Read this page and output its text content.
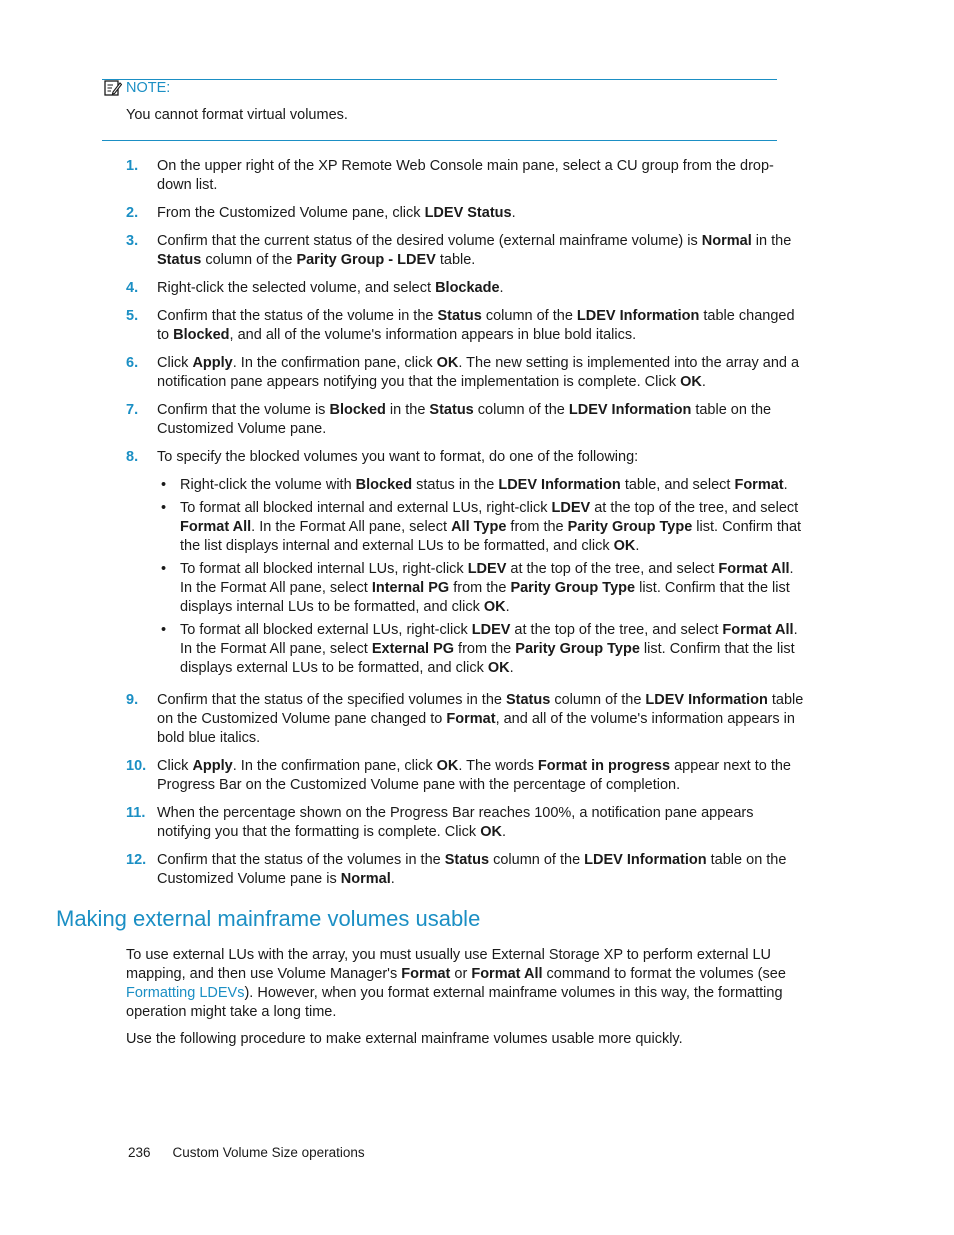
NOTE:
You cannot format virtual volumes.
1.	On the upper right of the XP Remote Web Console main pane, select a CU group from the drop-down list.
2.	From the Customized Volume pane, click LDEV Status.
3.	Confirm that the current status of the desired volume (external mainframe volume) is Normal in the Status column of the Parity Group - LDEV table.
4.	Right-click the selected volume, and select Blockade.
5.	Confirm that the status of the volume in the Status column of the LDEV Information table changed to Blocked, and all of the volume's information appears in blue bold italics.
6.	Click Apply. In the confirmation pane, click OK. The new setting is implemented into the array and a notification pane appears notifying you that the implementation is complete. Click OK.
7.	Confirm that the volume is Blocked in the Status column of the LDEV Information table on the Customized Volume pane.
8.	To specify the blocked volumes you want to format, do one of the following:
• Right-click the volume with Blocked status in the LDEV Information table, and select Format.
• To format all blocked internal and external LUs, right-click LDEV at the top of the tree, and select Format All. In the Format All pane, select All Type from the Parity Group Type list. Confirm that the list displays internal and external LUs to be formatted, and click OK.
• To format all blocked internal LUs, right-click LDEV at the top of the tree, and select Format All. In the Format All pane, select Internal PG from the Parity Group Type list. Confirm that the list displays internal LUs to be formatted, and click OK.
• To format all blocked external LUs, right-click LDEV at the top of the tree, and select Format All. In the Format All pane, select External PG from the Parity Group Type list. Confirm that the list displays external LUs to be formatted, and click OK.
9.	Confirm that the status of the specified volumes in the Status column of the LDEV Information table on the Customized Volume pane changed to Format, and all of the volume's information appears in bold blue italics.
10. Click Apply. In the confirmation pane, click OK. The words Format in progress appear next to the Progress Bar on the Customized Volume pane with the percentage of completion.
11. When the percentage shown on the Progress Bar reaches 100%, a notification pane appears notifying you that the formatting is complete. Click OK.
12. Confirm that the status of the volumes in the Status column of the LDEV Information table on the Customized Volume pane is Normal.
Making external mainframe volumes usable

To use external LUs with the array, you must usually use External Storage XP to perform external LU mapping, and then use Volume Manager's Format or Format All command to format the volumes (see Formatting LDEVs). However, when you format external mainframe volumes in this way, the formatting operation might take a long time.

Use the following procedure to make external mainframe volumes usable more quickly.

236 Custom Volume Size operations
